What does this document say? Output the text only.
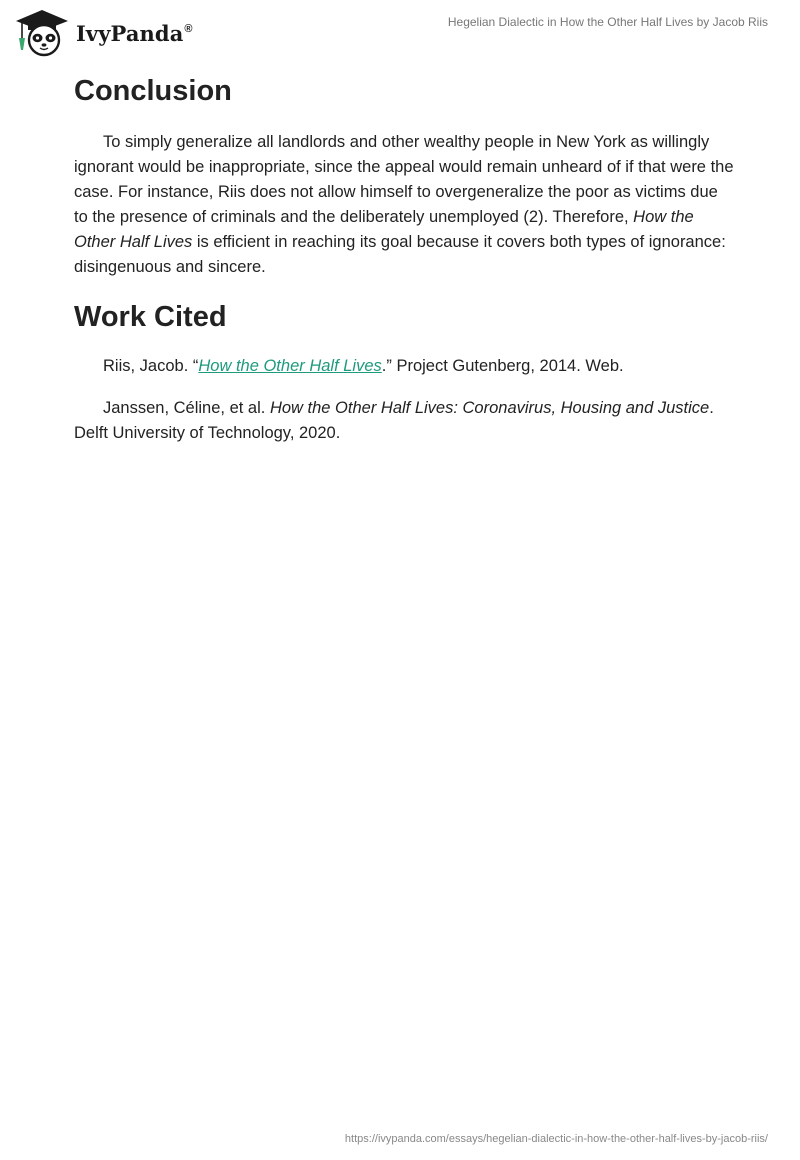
IvyPanda®	Hegelian Dialectic in How the Other Half Lives by Jacob Riis
Conclusion

To simply generalize all landlords and other wealthy people in New York as willingly ignorant would be inappropriate, since the appeal would remain unheard of if that were the case. For instance, Riis does not allow himself to overgeneralize the poor as victims due to the presence of criminals and the deliberately unemployed (2). Therefore, How the Other Half Lives is efficient in reaching its goal because it covers both types of ignorance: disingenuous and sincere.

Work Cited

Riis, Jacob. “How the Other Half Lives.” Project Gutenberg, 2014. Web.

Janssen, Céline, et al. How the Other Half Lives: Coronavirus, Housing and Justice. Delft University of Technology, 2020.

https://ivypanda.com/essays/hegelian-dialectic-in-how-the-other-half-lives-by-jacob-riis/
